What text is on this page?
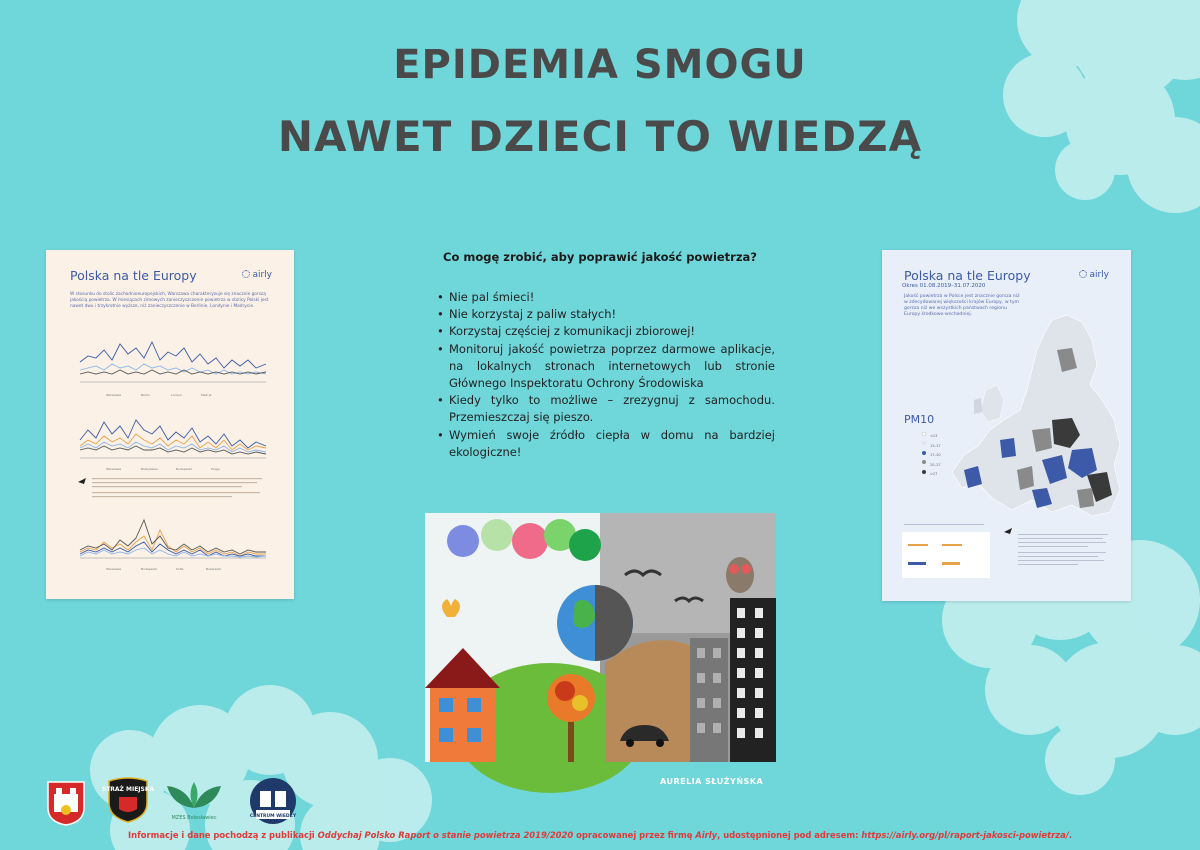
EPIDEMIA SMOGU
NAWET DZIECI TO WIEDZĄ
Polska na tle Europy	airly
W stosunku do stolic zachodnioeuropejskich, Warszawa charakteryzuje się znacznie gorszą jakością powietrza. W miesiącach zimowych zanieczyszczenie powietrza w stolicy Polski jest nawet dwu i trzykrotnie wyższe, niż zanieczyszczenie w Berlinie, Londynie i Madrycie.
Warszawa	Berlin	Londyn	Madryt
Warszawa	Bratysława	Budapeszt	Praga
Warszawa	Budapeszt	Sofia	Bukareszt
Co mogę zrobić, aby poprawić jakość powietrza?
• Nie pal śmieci!
• Nie korzystaj z paliw stałych!
• Korzystaj częściej z komunikacji zbiorowej!
• Monitoruj jakość powietrza poprzez darmowe aplikacje, na lokalnych stronach internetowych lub stronie Głównego Inspektoratu Ochrony Środowiska
• Kiedy tylko to możliwe – zrezygnuj z samochodu. Przemieszczaj się pieszo.
• Wymień swoje źródło ciepła w domu na bardziej ekologiczne!
Polska na tle Europy	airly
Okres 01.08.2019–31.07.2020
Jakość powietrza w Polsce jest znacznie gorsza niż w zdecydowanej większości krajów Europy, w tym gorsza niż we wszystkich państwach regionu Europy środkowo-wschodniej.
PM10
<13
13–17
17–20
20–27
>27
AURELIA SŁUŻYŃSKA
STRAŻ MIEJSKA
MZES Bolesławiec	CENTRUM WIEDZY
Informacje i dane pochodzą z publikacji Oddychaj Polsko Raport o stanie powietrza 2019/2020 opracowanej przez firmę Airly, udostępnionej pod adresem: https://airly.org/pl/raport-jakosci-powietrza/.
